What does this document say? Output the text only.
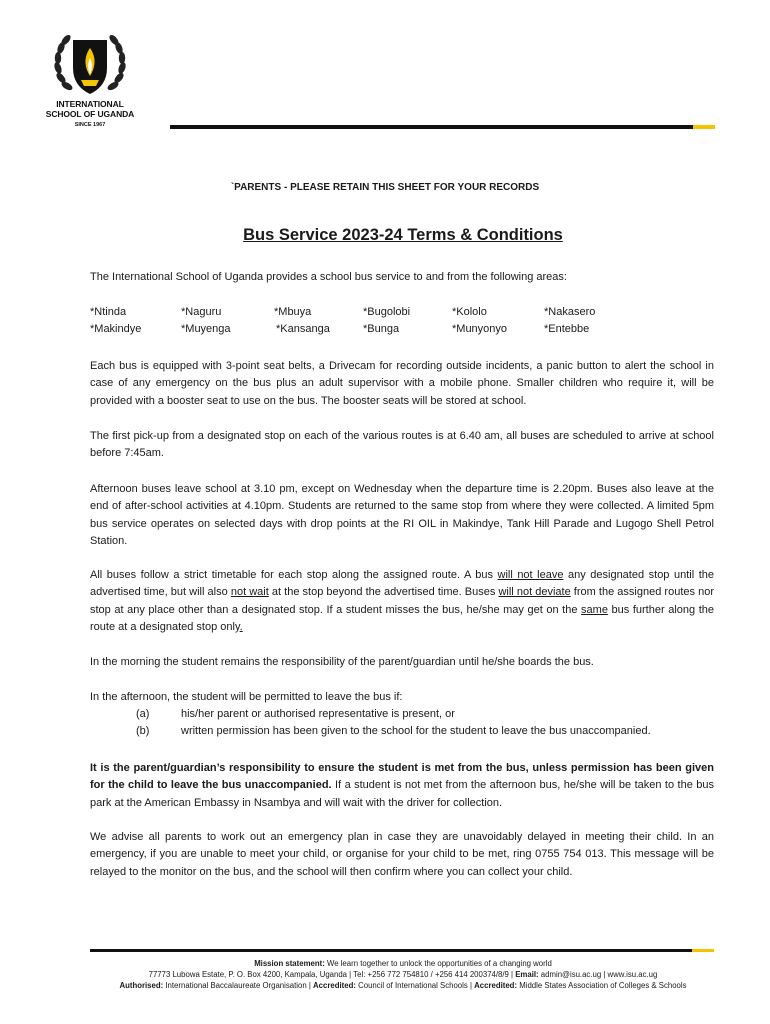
INTERNATIONAL
SCHOOL OF UGANDA
SINCE 1967
`PARENTS - PLEASE RETAIN THIS SHEET FOR YOUR RECORDS
Bus Service 2023-24 Terms & Conditions
The International School of Uganda provides a school bus service to and from the following areas:
*Ntinda	*Naguru	*Mbuya	*Bugolobi	*Kololo	*Nakasero
*Makindye	*Muyenga	*Kansanga	*Bunga	*Munyonyo	*Entebbe
Each bus is equipped with 3-point seat belts, a Drivecam for recording outside incidents, a panic button to alert the school in case of any emergency on the bus plus an adult supervisor with a mobile phone. Smaller children who require it, will be provided with a booster seat to use on the bus. The booster seats will be stored at school.
The first pick-up from a designated stop on each of the various routes is at 6.40 am, all buses are scheduled to arrive at school before 7:45am.
Afternoon buses leave school at 3.10 pm, except on Wednesday when the departure time is 2.20pm. Buses also leave at the end of after-school activities at 4.10pm. Students are returned to the same stop from where they were collected. A limited 5pm bus service operates on selected days with drop points at the RI OIL in Makindye, Tank Hill Parade and Lugogo Shell Petrol Station.
All buses follow a strict timetable for each stop along the assigned route. A bus will not leave any designated stop until the advertised time, but will also not wait at the stop beyond the advertised time. Buses will not deviate from the assigned routes nor stop at any place other than a designated stop. If a student misses the bus, he/she may get on the same bus further along the route at a designated stop only.
In the morning the student remains the responsibility of the parent/guardian until he/she boards the bus.
In the afternoon, the student will be permitted to leave the bus if:
(a)	his/her parent or authorised representative is present, or
(b)	written permission has been given to the school for the student to leave the bus unaccompanied.
It is the parent/guardian’s responsibility to ensure the student is met from the bus, unless permission has been given for the child to leave the bus unaccompanied. If a student is not met from the afternoon bus, he/she will be taken to the bus park at the American Embassy in Nsambya and will wait with the driver for collection.
We advise all parents to work out an emergency plan in case they are unavoidably delayed in meeting their child. In an emergency, if you are unable to meet your child, or organise for your child to be met, ring 0755 754 013. This message will be relayed to the monitor on the bus, and the school will then confirm where you can collect your child.
Mission statement: We learn together to unlock the opportunities of a changing world
77773 Lubowa Estate, P. O. Box 4200, Kampala, Uganda | Tel: +256 772 754810 / +256 414 200374/8/9 | Email: admin@isu.ac.ug | www.isu.ac.ug
Authorised: International Baccalaureate Organisation | Accredited: Council of International Schools | Accredited: Middle States Association of Colleges & Schools
